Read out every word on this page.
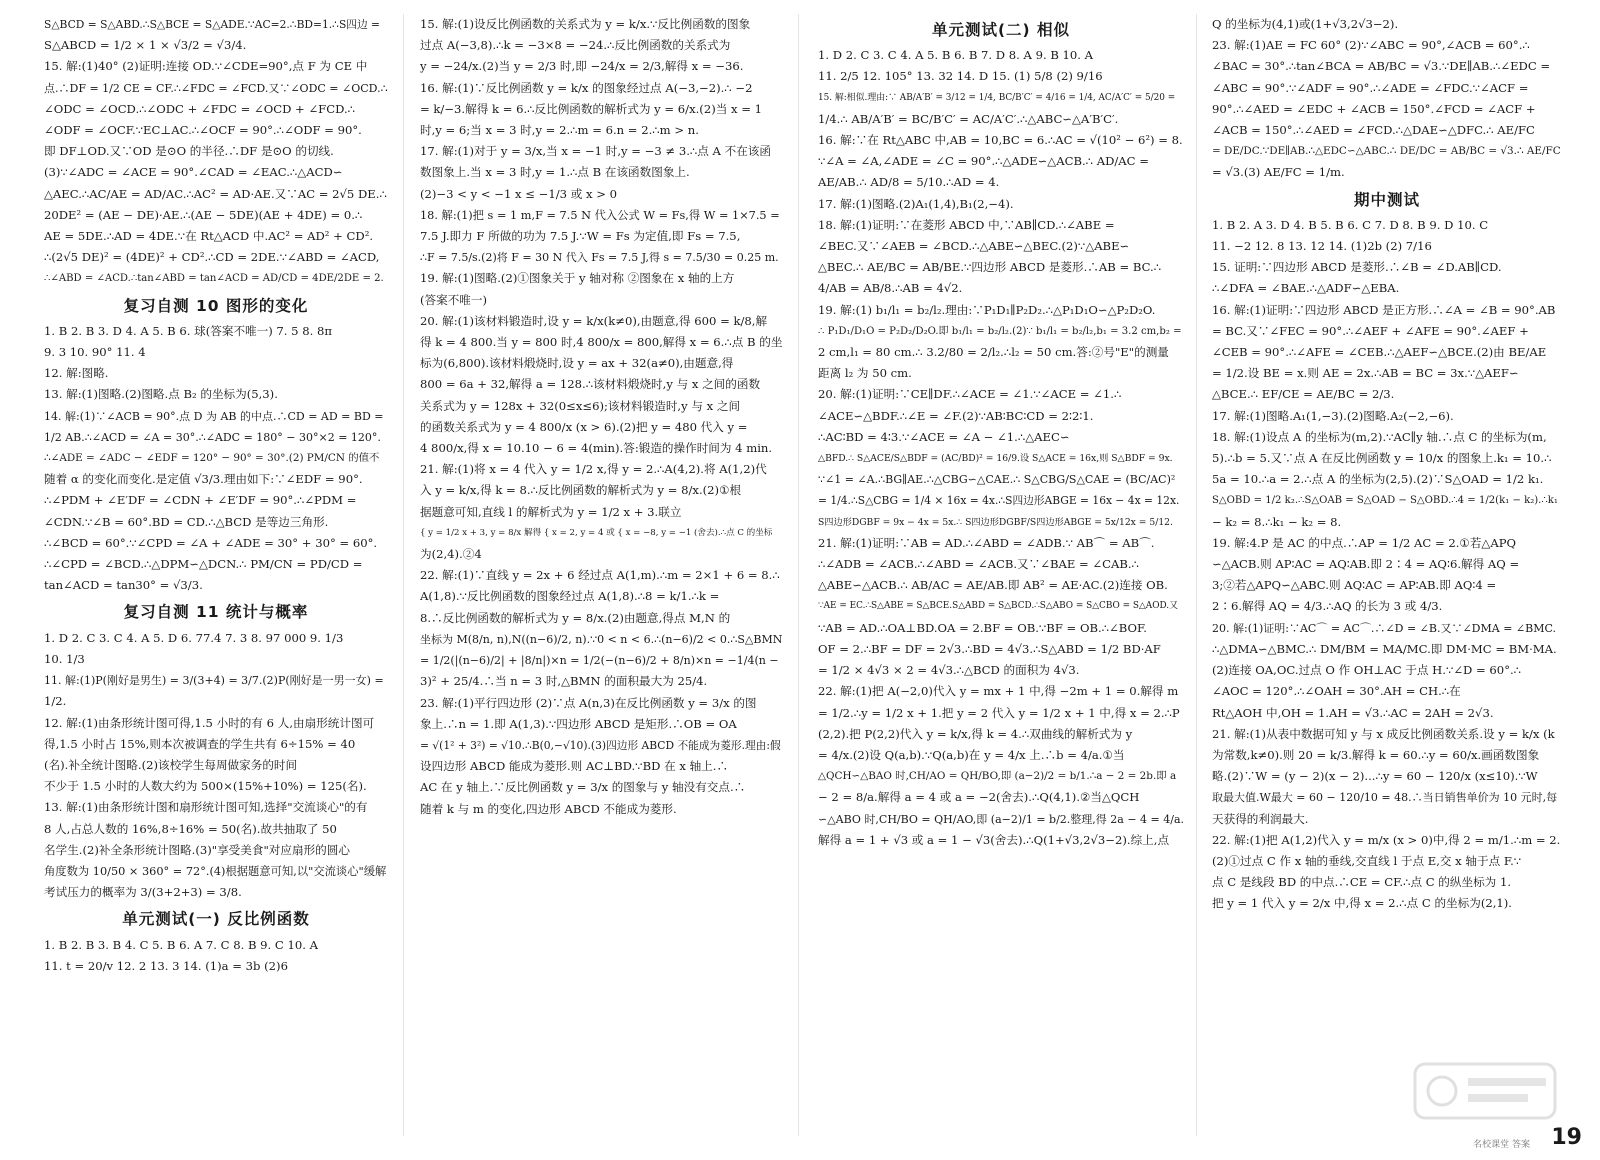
S△BCD = S△ABD.∴S△BCE = S△ADE.∵AC=2.∴BD=1.∴S四边 =
S△ABCD = 1/2 × 1 × √3/2 = √3/4.
15. 解:(1)40° (2)证明:连接 OD.∵∠CDE=90°,点 F 为 CE 中
点.∴DF = 1/2 CE = CF.∴∠FDC = ∠FCD.又∵∠ODC = ∠OCD.∴
∠ODC = ∠OCD.∴∠ODC + ∠FDC = ∠OCD + ∠FCD.∴
∠ODF = ∠OCF.∵EC⊥AC.∴∠OCF = 90°.∴∠ODF = 90°.
即 DF⊥OD.又∵OD 是⊙O 的半径.∴DF 是⊙O 的切线.
(3)∵∠ADC = ∠ACE = 90°.∠CAD = ∠EAC.∴△ACD∽
△AEC.∴AC/AE = AD/AC.∴AC² = AD·AE.又∵AC = 2√5 DE.∴
20DE² = (AE − DE)·AE.∴(AE − 5DE)(AE + 4DE) = 0.∴
AE = 5DE.∴AD = 4DE.∵在 Rt△ACD 中.AC² = AD² + CD².
∴(2√5 DE)² = (4DE)² + CD².∴CD = 2DE.∵∠ABD = ∠ACD,
∴∠ABD = ∠ACD.∴tan∠ABD = tan∠ACD = AD/CD = 4DE/2DE = 2.
复习自测 10 图形的变化
1. B 2. B 3. D 4. A 5. B 6. 球(答案不唯一) 7. 5 8. 8π
9. 3 10. 90° 11. 4
12. 解:图略.
13. 解:(1)图略.(2)图略.点 B₂ 的坐标为(5,3).
14. 解:(1)∵∠ACB = 90°.点 D 为 AB 的中点.∴CD = AD = BD =
1/2 AB.∴∠ACD = ∠A = 30°.∴∠ADC = 180° − 30°×2 = 120°.
∴∠ADE = ∠ADC − ∠EDF = 120° − 90° = 30°.(2) PM/CN 的值不
随着 α 的变化而变化.是定值 √3/3.理由如下:∵∠EDF = 90°.
∴∠PDM + ∠E′DF = ∠CDN + ∠E′DF = 90°.∴∠PDM =
∠CDN.∵∠B = 60°.BD = CD.∴△BCD 是等边三角形.
∴∠BCD = 60°.∵∠CPD = ∠A + ∠ADE = 30° + 30° = 60°.
∴∠CPD = ∠BCD.∴△DPM∽△DCN.∴ PM/CN = PD/CD =
tan∠ACD = tan30° = √3/3.
复习自测 11 统计与概率
1. D 2. C 3. C 4. A 5. D 6. 77.4 7. 3 8. 97 000 9. 1/3
10. 1/3
11. 解:(1)P(刚好是男生) = 3/(3+4) = 3/7.(2)P(刚好是一男一女) =
1/2.
12. 解:(1)由条形统计图可得,1.5 小时的有 6 人,由扇形统计图可
得,1.5 小时占 15%,则本次被调查的学生共有 6÷15% = 40
(名).补全统计图略.(2)该校学生每周做家务的时间
不少于 1.5 小时的人数大约为 500×(15%+10%) = 125(名).
13. 解:(1)由条形统计图和扇形统计图可知,选择"交流谈心"的有
8 人,占总人数的 16%,8÷16% = 50(名).故共抽取了 50
名学生.(2)补全条形统计图略.(3)"享受美食"对应扇形的圆心
角度数为 10/50 × 360° = 72°.(4)根据题意可知,以"交流谈心"缓解
考试压力的概率为 3/(3+2+3) = 3/8.
单元测试(一) 反比例函数
1. B 2. B 3. B 4. C 5. B 6. A 7. C 8. B 9. C 10. A
11. t = 20/v 12. 2 13. 3 14. (1)a = 3b (2)6
15. 解:(1)设反比例函数的关系式为 y = k/x.∵反比例函数的图象
过点 A(−3,8).∴k = −3×8 = −24.∴反比例函数的关系式为
y = −24/x.(2)当 y = 2/3 时,即 −24/x = 2/3,解得 x = −36.
16. 解:(1)∵反比例函数 y = k/x 的图象经过点 A(−3,−2).∴ −2
= k/−3.解得 k = 6.∴反比例函数的解析式为 y = 6/x.(2)当 x = 1
时,y = 6;当 x = 3 时,y = 2.∴m = 6.n = 2.∴m > n.
17. 解:(1)对于 y = 3/x,当 x = −1 时,y = −3 ≠ 3.∴点 A 不在该函
数图象上.当 x = 3 时,y = 1.∴点 B 在该函数图象上.
(2)−3 < y < −1 x ≤ −1/3 或 x > 0
18. 解:(1)把 s = 1 m,F = 7.5 N 代入公式 W = Fs,得 W = 1×7.5 =
7.5 J.即力 F 所做的功为 7.5 J.∵W = Fs 为定值,即 Fs = 7.5,
∴F = 7.5/s.(2)将 F = 30 N 代入 Fs = 7.5 J,得 s = 7.5/30 = 0.25 m.
19. 解:(1)图略.(2)①图象关于 y 轴对称 ②图象在 x 轴的上方
(答案不唯一)
20. 解:(1)该材料锻造时,设 y = k/x(k≠0),由题意,得 600 = k/8,解
得 k = 4 800.当 y = 800 时,4 800/x = 800,解得 x = 6.∴点 B 的坐
标为(6,800).该材料煅烧时,设 y = ax + 32(a≠0),由题意,得
800 = 6a + 32,解得 a = 128.∴该材料煅烧时,y 与 x 之间的函数
关系式为 y = 128x + 32(0≤x≤6);该材料锻造时,y 与 x 之间
的函数关系式为 y = 4 800/x (x > 6).(2)把 y = 480 代入 y =
4 800/x,得 x = 10.10 − 6 = 4(min).答:锻造的操作时间为 4 min.
21. 解:(1)将 x = 4 代入 y = 1/2 x,得 y = 2.∴A(4,2).将 A(1,2)代
入 y = k/x,得 k = 8.∴反比例函数的解析式为 y = 8/x.(2)①根
据题意可知,直线 l 的解析式为 y = 1/2 x + 3.联立
{ y = 1/2 x + 3, y = 8/x 解得 { x = 2, y = 4 或 { x = −8, y = −1 (舍去).∴点 C 的坐标
为(2,4).②4
22. 解:(1)∵直线 y = 2x + 6 经过点 A(1,m).∴m = 2×1 + 6 = 8.∴
A(1,8).∵反比例函数的图象经过点 A(1,8).∴8 = k/1.∴k =
8.∴反比例函数的解析式为 y = 8/x.(2)由题意,得点 M,N 的
坐标为 M(8/n, n),N((n−6)/2, n).∵0 < n < 6.∴(n−6)/2 < 0.∴S△BMN
= 1/2(|(n−6)/2| + |8/n|)×n = 1/2(−(n−6)/2 + 8/n)×n = −1/4(n −
3)² + 25/4.∴当 n = 3 时,△BMN 的面积最大为 25/4.
23. 解:(1)平行四边形 (2)∵点 A(n,3)在反比例函数 y = 3/x 的图
象上.∴n = 1.即 A(1,3).∵四边形 ABCD 是矩形.∴OB = OA
= √(1² + 3²) = √10.∴B(0,−√10).(3)四边形 ABCD 不能成为菱形.理由:假
设四边形 ABCD 能成为菱形.则 AC⊥BD.∵BD 在 x 轴上.∴
AC 在 y 轴上.∵反比例函数 y = 3/x 的图象与 y 轴没有交点.∴
随着 k 与 m 的变化,四边形 ABCD 不能成为菱形.
单元测试(二) 相似
1. D 2. C 3. C 4. A 5. B 6. B 7. D 8. A 9. B 10. A
11. 2/5 12. 105° 13. 32 14. D 15. (1) 5/8 (2) 9/16
15. 解:相似.理由:∵ AB/A′B′ = 3/12 = 1/4, BC/B′C′ = 4/16 = 1/4, AC/A′C′ = 5/20 =
1/4.∴ AB/A′B′ = BC/B′C′ = AC/A′C′.∴△ABC∽△A′B′C′.
16. 解:∵在 Rt△ABC 中,AB = 10,BC = 6.∴AC = √(10² − 6²) = 8.
∵∠A = ∠A,∠ADE = ∠C = 90°.∴△ADE∽△ACB.∴ AD/AC =
AE/AB.∴ AD/8 = 5/10.∴AD = 4.
17. 解:(1)图略.(2)A₁(1,4),B₁(2,−4).
18. 解:(1)证明:∵在菱形 ABCD 中,∵AB∥CD.∴∠ABE =
∠BEC.又∵∠AEB = ∠BCD.∴△ABE∽△BEC.(2)∵△ABE∽
△BEC.∴ AE/BC = AB/BE.∵四边形 ABCD 是菱形.∴AB = BC.∴
4/AB = AB/8.∴AB = 4√2.
19. 解:(1) b₁/l₁ = b₂/l₂.理由:∵P₁D₁∥P₂D₂.∴△P₁D₁O∽△P₂D₂O.
∴ P₁D₁/D₁O = P₂D₂/D₂O.即 b₁/l₁ = b₂/l₂.(2)∵ b₁/l₁ = b₂/l₂,b₁ = 3.2 cm,b₂ =
2 cm,l₁ = 80 cm.∴ 3.2/80 = 2/l₂.∴l₂ = 50 cm.答:②号"E"的测量
距离 l₂ 为 50 cm.
20. 解:(1)证明:∵CE∥DF.∴∠ACE = ∠1.∵∠ACE = ∠1.∴
∠ACE∽△BDF.∴∠E = ∠F.(2)∵AB∶BC∶CD = 2∶2∶1.
∴AC∶BD = 4∶3.∵∠ACE = ∠A − ∠1.∴△AEC∽
△BFD.∴ S△ACE/S△BDF = (AC/BD)² = 16/9.设 S△ACE = 16x,则 S△BDF = 9x.
∵∠1 = ∠A.∴BG∥AE.∴△CBG∽△CAE.∴ S△CBG/S△CAE = (BC/AC)²
= 1/4.∴S△CBG = 1/4 × 16x = 4x.∴S四边形ABGE = 16x − 4x = 12x.
S四边形DGBF = 9x − 4x = 5x.∴ S四边形DGBF/S四边形ABGE = 5x/12x = 5/12.
21. 解:(1)证明:∵AB = AD.∴∠ABD = ∠ADB.∵ AB⌒ = AB⌒.
∴∠ADB = ∠ACB.∴∠ABD = ∠ACB.又∵∠BAE = ∠CAB.∴
△ABE∽△ACB.∴ AB/AC = AE/AB.即 AB² = AE·AC.(2)连接 OB.
∵AE = EC.∴S△ABE = S△BCE.S△ABD = S△BCD.∴S△ABO = S△CBO = S△AOD.又
∵AB = AD.∴OA⊥BD.OA = 2.BF = OB.∵BF = OB.∴∠BOF.
OF = 2.∴BF = DF = 2√3.∴BD = 4√3.∴S△ABD = 1/2 BD·AF
= 1/2 × 4√3 × 2 = 4√3.∴△BCD 的面积为 4√3.
22. 解:(1)把 A(−2,0)代入 y = mx + 1 中,得 −2m + 1 = 0.解得 m
= 1/2.∴y = 1/2 x + 1.把 y = 2 代入 y = 1/2 x + 1 中,得 x = 2.∴P
(2,2).把 P(2,2)代入 y = k/x,得 k = 4.∴双曲线的解析式为 y
= 4/x.(2)设 Q(a,b).∵Q(a,b)在 y = 4/x 上.∴b = 4/a.①当
△QCH∽△BAO 时,CH/AO = QH/BO,即 (a−2)/2 = b/1.∴a − 2 = 2b.即 a
− 2 = 8/a.解得 a = 4 或 a = −2(舍去).∴Q(4,1).②当△QCH
∽△ABO 时,CH/BO = QH/AO,即 (a−2)/1 = b/2.整理,得 2a − 4 = 4/a.
解得 a = 1 + √3 或 a = 1 − √3(舍去).∴Q(1+√3,2√3−2).综上,点
Q 的坐标为(4,1)或(1+√3,2√3−2).
23. 解:(1)AE = FC 60° (2)∵∠ABC = 90°,∠ACB = 60°.∴
∠BAC = 30°.∴tan∠BCA = AB/BC = √3.∵DE∥AB.∴∠EDC =
∠ABC = 90°.∵∠ADF = 90°.∴∠ADE = ∠FDC.∵∠ACF =
90°.∴∠AED = ∠EDC + ∠ACB = 150°.∠FCD = ∠ACF +
∠ACB = 150°.∴∠AED = ∠FCD.∴△DAE∽△DFC.∴ AE/FC
= DE/DC.∵DE∥AB.∴△EDC∽△ABC.∴ DE/DC = AB/BC = √3.∴ AE/FC
= √3.(3) AE/FC = 1/m.
期中测试
1. B 2. A 3. D 4. B 5. B 6. C 7. D 8. B 9. D 10. C
11. −2 12. 8 13. 12 14. (1)2b (2) 7/16
15. 证明:∵四边形 ABCD 是菱形.∴∠B = ∠D.AB∥CD.
∴∠DFA = ∠BAE.∴△ADF∽△EBA.
16. 解:(1)证明:∵四边形 ABCD 是正方形.∴∠A = ∠B = 90°.AB
= BC.又∵∠FEC = 90°.∴∠AEF + ∠AFE = 90°.∠AEF +
∠CEB = 90°.∴∠AFE = ∠CEB.∴△AEF∽△BCE.(2)由 BE/AE
= 1/2.设 BE = x.则 AE = 2x.∴AB = BC = 3x.∵△AEF∽
△BCE.∴ EF/CE = AE/BC = 2/3.
17. 解:(1)图略.A₁(1,−3).(2)图略.A₂(−2,−6).
18. 解:(1)设点 A 的坐标为(m,2).∵AC∥y 轴.∴点 C 的坐标为(m,
5).∴b = 5.又∵点 A 在反比例函数 y = 10/x 的图象上.k₁ = 10.∴
5a = 10.∴a = 2.∴点 A 的坐标为(2,5).(2)∵S△OAD = 1/2 k₁.
S△OBD = 1/2 k₂.∴S△OAB = S△OAD − S△OBD.∴4 = 1/2(k₁ − k₂).∴k₁
− k₂ = 8.∴k₁ − k₂ = 8.
19. 解:4.P 是 AC 的中点.∴AP = 1/2 AC = 2.①若△APQ
∽△ACB.则 AP∶AC = AQ∶AB.即 2∶4 = AQ∶6.解得 AQ =
3;②若△APQ∽△ABC.则 AQ∶AC = AP∶AB.即 AQ∶4 =
2∶6.解得 AQ = 4/3.∴AQ 的长为 3 或 4/3.
20. 解:(1)证明:∵AC⌒ = AC⌒.∴∠D = ∠B.又∵∠DMA = ∠BMC.
∴△DMA∽△BMC.∴ DM/BM = MA/MC.即 DM·MC = BM·MA.
(2)连接 OA,OC.过点 O 作 OH⊥AC 于点 H.∵∠D = 60°.∴
∠AOC = 120°.∴∠OAH = 30°.AH = CH.∴在
Rt△AOH 中,OH = 1.AH = √3.∴AC = 2AH = 2√3.
21. 解:(1)从表中数据可知 y 与 x 成反比例函数关系.设 y = k/x (k
为常数,k≠0).则 20 = k/3.解得 k = 60.∴y = 60/x.画函数图象
略.(2)∵W = (y − 2)(x − 2)...∴y = 60 − 120/x (x≤10).∵W
取最大值.W最大 = 60 − 120/10 = 48.∴当日销售单价为 10 元时,每
天获得的利润最大.
22. 解:(1)把 A(1,2)代入 y = m/x (x > 0)中,得 2 = m/1.∴m = 2.
(2)①过点 C 作 x 轴的垂线,交直线 l 于点 E,交 x 轴于点 F.∵
点 C 是线段 BD 的中点.∴CE = CF.∴点 C 的纵坐标为 1.
把 y = 1 代入 y = 2/x 中,得 x = 2.∴点 C 的坐标为(2,1).
名校课堂 答案 19
